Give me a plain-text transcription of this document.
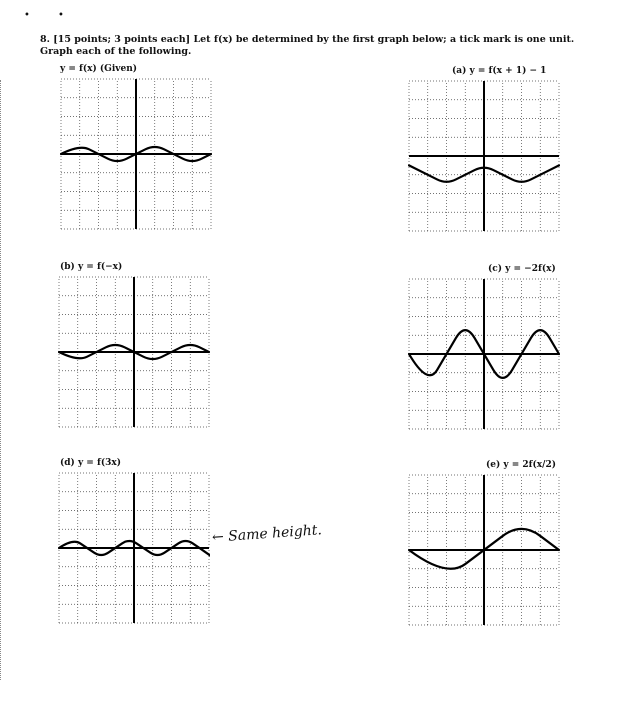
•	•
8. [15 points; 3 points each] Let f(x) be determined by the first graph below; a tick mark is one unit. Graph each of the following.
y = f(x) (Given)	(a) y = f(x + 1) − 1
(b) y = f(−x)	(c) y = −2f(x)
(d) y = f(3x)	(e) y = 2f(x/2)
← Same height.
